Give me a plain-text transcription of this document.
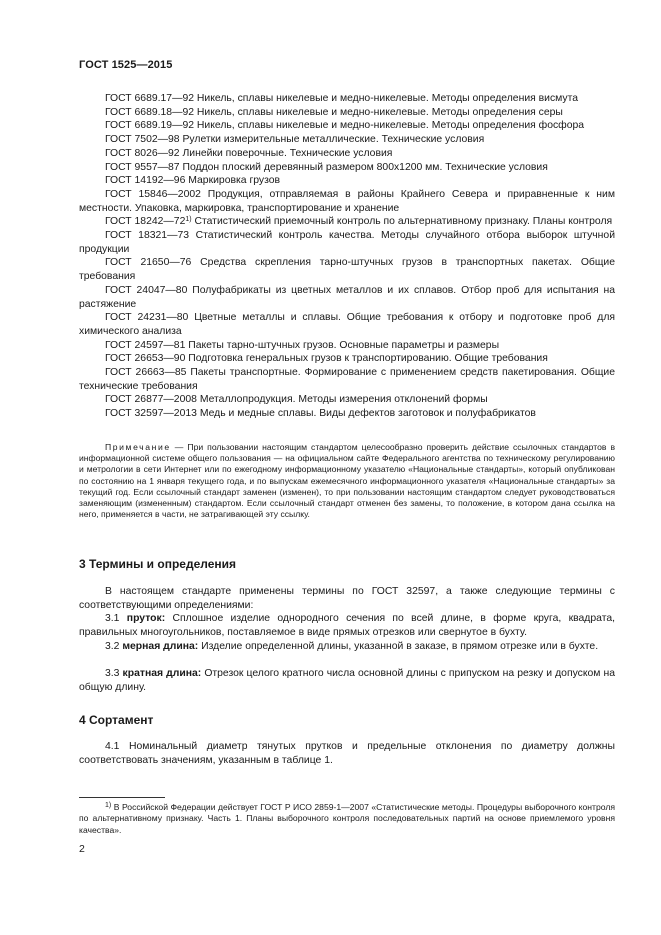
ГОСТ 1525—2015
ГОСТ 6689.17—92 Никель, сплавы никелевые и медно-никелевые. Методы определения висмута
ГОСТ 6689.18—92 Никель, сплавы никелевые и медно-никелевые. Методы определения серы
ГОСТ 6689.19—92 Никель, сплавы никелевые и медно-никелевые. Методы определения фосфора
ГОСТ 7502—98 Рулетки измерительные металлические. Технические условия
ГОСТ 8026—92 Линейки поверочные. Технические условия
ГОСТ 9557—87 Поддон плоский деревянный размером 800х1200 мм. Технические условия
ГОСТ 14192—96 Маркировка грузов
ГОСТ 15846—2002 Продукция, отправляемая в районы Крайнего Севера и приравненные к ним местности. Упаковка, маркировка, транспортирование и хранение
ГОСТ 18242—72$^{1)}$ Статистический приемочный контроль по альтернативному признаку. Планы контроля
ГОСТ 18321—73 Статистический контроль качества. Методы случайного отбора выборок штучной продукции
ГОСТ 21650—76 Средства скрепления тарно-штучных грузов в транспортных пакетах. Общие требования
ГОСТ 24047—80 Полуфабрикаты из цветных металлов и их сплавов. Отбор проб для испытания на растяжение
ГОСТ 24231—80 Цветные металлы и сплавы. Общие требования к отбору и подготовке проб для химического анализа
ГОСТ 24597—81 Пакеты тарно-штучных грузов. Основные параметры и размеры
ГОСТ 26653—90 Подготовка генеральных грузов к транспортированию. Общие требования
ГОСТ 26663—85 Пакеты транспортные. Формирование с применением средств пакетирования. Общие технические требования
ГОСТ 26877—2008 Металлопродукция. Методы измерения отклонений формы
ГОСТ 32597—2013 Медь и медные сплавы. Виды дефектов заготовок и полуфабрикатов

Примечание — При пользовании настоящим стандартом целесообразно проверить действие ссылочных стандартов в информационной системе общего пользования — на официальном сайте Федерального агентства по техническому регулированию и метрологии в сети Интернет или по ежегодному информационному указателю «Национальные стандарты», который опубликован по состоянию на 1 января текущего года, и по выпускам ежемесячного информационного указателя «Национальные стандарты» за текущий год. Если ссылочный стандарт заменен (изменен), то при пользовании настоящим стандартом следует руководствоваться заменяющим (измененным) стандартом. Если ссылочный стандарт отменен без замены, то положение, в котором дана ссылка на него, применяется в части, не затрагивающей эту ссылку.

3 Термины и определения
В настоящем стандарте применены термины по ГОСТ 32597, а также следующие термины с соответствующими определениями:
3.1 пруток: Сплошное изделие однородного сечения по всей длине, в форме круга, квадрата, правильных многоугольников, поставляемое в виде прямых отрезков или свернутое в бухту.
3.2 мерная длина: Изделие определенной длины, указанной в заказе, в прямом отрезке или в бухте.
3.3 кратная длина: Отрезок целого кратного числа основной длины с припуском на резку и допуском на общую длину.
4 Сортамент
4.1 Номинальный диаметр тянутых прутков и предельные отклонения по диаметру должны соответствовать значениям, указанным в таблице 1.
$^{1)}$ В Российской Федерации действует ГОСТ Р ИСО 2859-1—2007 «Статистические методы. Процедуры выборочного контроля по альтернативному признаку. Часть 1. Планы выборочного контроля последовательных партий на основе приемлемого уровня качества».
2
